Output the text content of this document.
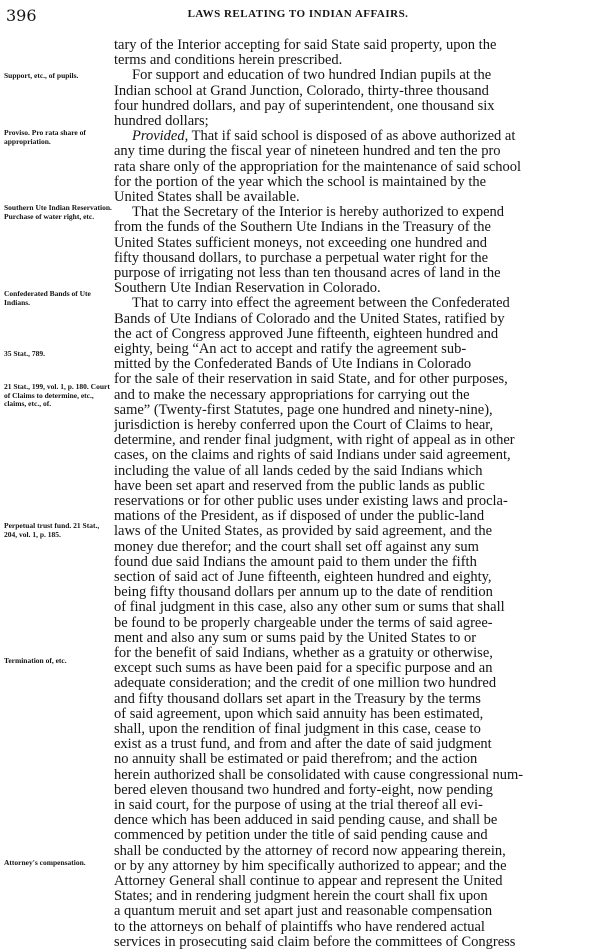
396	LAWS RELATING TO INDIAN AFFAIRS.
Support, etc., of pupils.
Proviso. Pro rata share of appropriation.
Southern Ute Indian Reservation. Purchase of water right, etc.
Confederated Bands of Ute Indians.
35 Stat., 789.
21 Stat., 199, vol. 1, p. 180. Court of Claims to determine, etc., claims, etc., of.
Perpetual trust fund. 21 Stat., 204, vol. 1, p. 185.
Termination of, etc.
Attorney's compensation.
tary of the Interior accepting for said State said property, upon the
terms and conditions herein prescribed.
For support and education of two hundred Indian pupils at the
Indian school at Grand Junction, Colorado, thirty-three thousand
four hundred dollars, and pay of superintendent, one thousand six
hundred dollars;
Provided, That if said school is disposed of as above authorized at
any time during the fiscal year of nineteen hundred and ten the pro
rata share only of the appropriation for the maintenance of said school
for the portion of the year which the school is maintained by the
United States shall be available.
That the Secretary of the Interior is hereby authorized to expend
from the funds of the Southern Ute Indians in the Treasury of the
United States sufficient moneys, not exceeding one hundred and
fifty thousand dollars, to purchase a perpetual water right for the
purpose of irrigating not less than ten thousand acres of land in the
Southern Ute Indian Reservation in Colorado.
That to carry into effect the agreement between the Confederated
Bands of Ute Indians of Colorado and the United States, ratified by
the act of Congress approved June fifteenth, eighteen hundred and
eighty, being “An act to accept and ratify the agreement sub-
mitted by the Confederated Bands of Ute Indians in Colorado
for the sale of their reservation in said State, and for other purposes,
and to make the necessary appropriations for carrying out the
same” (Twenty-first Statutes, page one hundred and ninety-nine),
jurisdiction is hereby conferred upon the Court of Claims to hear,
determine, and render final judgment, with right of appeal as in other
cases, on the claims and rights of said Indians under said agreement,
including the value of all lands ceded by the said Indians which
have been set apart and reserved from the public lands as public
reservations or for other public uses under existing laws and procla-
mations of the President, as if disposed of under the public-land
laws of the United States, as provided by said agreement, and the
money due therefor; and the court shall set off against any sum
found due said Indians the amount paid to them under the fifth
section of said act of June fifteenth, eighteen hundred and eighty,
being fifty thousand dollars per annum up to the date of rendition
of final judgment in this case, also any other sum or sums that shall
be found to be properly chargeable under the terms of said agree-
ment and also any sum or sums paid by the United States to or
for the benefit of said Indians, whether as a gratuity or otherwise,
except such sums as have been paid for a specific purpose and an
adequate consideration; and the credit of one million two hundred
and fifty thousand dollars set apart in the Treasury by the terms
of said agreement, upon which said annuity has been estimated,
shall, upon the rendition of final judgment in this case, cease to
exist as a trust fund, and from and after the date of said judgment
no annuity shall be estimated or paid therefrom; and the action
herein authorized shall be consolidated with cause congressional num-
bered eleven thousand two hundred and forty-eight, now pending
in said court, for the purpose of using at the trial thereof all evi-
dence which has been adduced in said pending cause, and shall be
commenced by petition under the title of said pending cause and
shall be conducted by the attorney of record now appearing therein,
or by any attorney by him specifically authorized to appear; and the
Attorney General shall continue to appear and represent the United
States; and in rendering judgment herein the court shall fix upon
a quantum meruit and set apart just and reasonable compensation
to the attorneys on behalf of plaintiffs who have rendered actual
services in prosecuting said claim before the committees of Congress
